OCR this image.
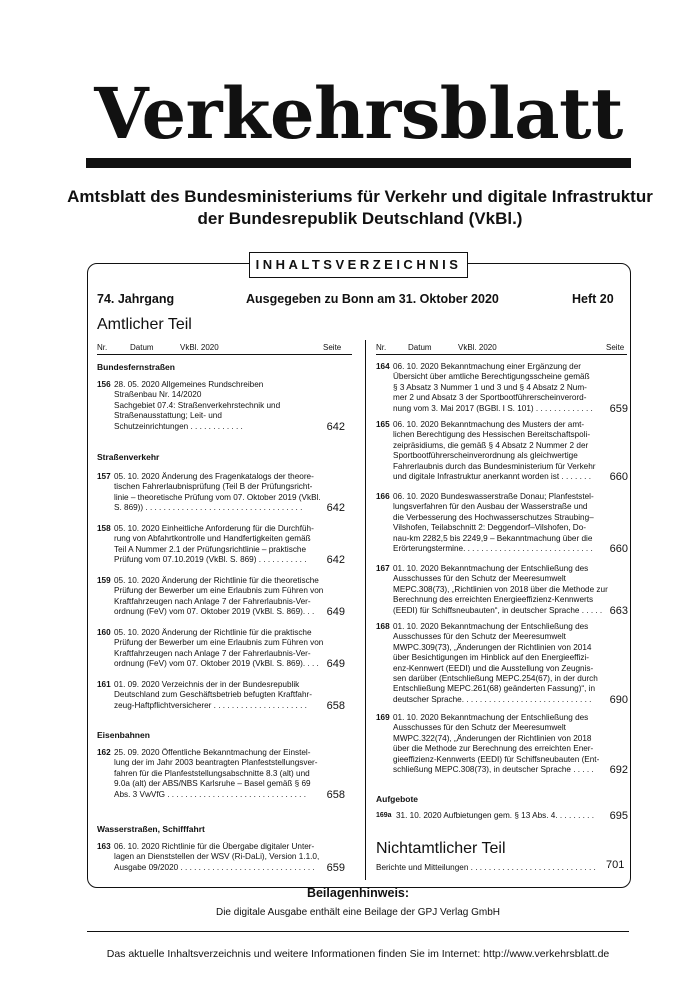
Verkehrsblatt
Amtsblatt des Bundesministeriums für Verkehr und digitale Infrastruktur
der Bundesrepublik Deutschland (VkBl.)
INHALTSVERZEICHNIS
74. Jahrgang	Ausgegeben zu Bonn am 31. Oktober 2020	Heft 20
Amtlicher Teil
Nr.	Datum	VkBl. 2020	Seite	Nr.	Datum	VkBl. 2020	Seite
Bundesfernstraßen
Straßenverkehr
Eisenbahnen
Wasserstraßen, Schifffahrt
Aufgebote
156 28. 05. 2020 Allgemeines Rundschreiben
Straßenbau Nr. 14/2020
Sachgebiet 07.4: Straßenverkehrstechnik und
Straßenausstattung; Leit- und
Schutzeinrichtungen . . . . . . . . . . . .	642
157 05. 10. 2020 Änderung des Fragenkatalogs der theore-
tischen Fahrerlaubnisprüfung (Teil B der Prüfungsricht-
linie – theoretische Prüfung vom 07. Oktober 2019 (VkBl.
S. 869)) . . . . . . . . . . . . . . . . . . . . . . . . . . . . . . . . . . .	642
158 05. 10. 2020 Einheitliche Anforderung für die Durchfüh-
rung von Abfahrtkontrolle und Handfertigkeiten gemäß
Teil A Nummer 2.1 der Prüfungsrichtlinie – praktische
Prüfung vom 07.10.2019 (VkBl. S. 869) . . . . . . . . . . .	642
159 05. 10. 2020 Änderung der Richtlinie für die theoretische
Prüfung der Bewerber um eine Erlaubnis zum Führen von
Kraftfahrzeugen nach Anlage 7 der Fahrerlaubnis-Ver-
ordnung (FeV) vom 07. Oktober 2019 (VkBl. S. 869). . .	649
160 05. 10. 2020 Änderung der Richtlinie für die praktische
Prüfung der Bewerber um eine Erlaubnis zum Führen von
Kraftfahrzeugen nach Anlage 7 der Fahrerlaubnis-Ver-
ordnung (FeV) vom 07. Oktober 2019 (VkBl. S. 869). . . . 649
161 01. 09. 2020 Verzeichnis der in der Bundesrepublik
Deutschland zum Geschäftsbetrieb befugten Kraftfahr-
zeug-Haftpflichtversicherer . . . . . . . . . . . . . . . . . . . . .	658
162 25. 09. 2020 Öffentliche Bekanntmachung der Einstel-
lung der im Jahr 2003 beantragten Planfeststellungsver-
fahren für die Planfeststellungsabschnitte 8.3 (alt) und
9.0a (alt) der ABS/NBS Karlsruhe – Basel gemäß § 69
Abs. 3 VwVfG . . . . . . . . . . . . . . . . . . . . . . . . . . . . . . .	658
163 06. 10. 2020 Richtlinie für die Übergabe digitaler Unter-
lagen an Dienststellen der WSV (Ri-DaLi), Version 1.1.0,
Ausgabe 09/2020 . . . . . . . . . . . . . . . . . . . . . . . . . . . . . .	659
164 06. 10. 2020 Bekanntmachung einer Ergänzung der
Übersicht über amtliche Berechtigungsscheine gemäß
§ 3 Absatz 3 Nummer 1 und 3 und § 4 Absatz 2 Num-
mer 2 und Absatz 3 der Sportbootführerscheinverord-
nung vom 3. Mai 2017 (BGBl. I S. 101) . . . . . . . . . . . . .	659
165 06. 10. 2020 Bekanntmachung des Musters der amt-
lichen Berechtigung des Hessischen Bereitschaftspoli-
zeipräsidiums, die gemäß § 4 Absatz 2 Nummer 2 der
Sportbootführerscheinverordnung als gleichwertige
Fahrerlaubnis durch das Bundesministerium für Verkehr
und digitale Infrastruktur anerkannt worden ist . . . . . . .	660
166 06. 10. 2020 Bundeswasserstraße Donau; Planfeststel-
lungsverfahren für den Ausbau der Wasserstraße und
die Verbesserung des Hochwasserschutzes Straubing–
Vilshofen, Teilabschnitt 2: Deggendorf–Vilshofen, Do-
nau-km 2282,5 bis 2249,9 – Bekanntmachung über die
Erörterungstermine. . . . . . . . . . . . . . . . . . . . . . . . . . . . .	660
167 01. 10. 2020 Bekanntmachung der Entschließung des
Ausschusses für den Schutz der Meeresumwelt
MEPC.308(73), „Richtlinien von 2018 über die Methode zur
Berechnung des erreichten Energieeffizienz-Kennwerts
(EEDI) für Schiffsneubauten“, in deutscher Sprache . . . . . 663
168 01. 10. 2020 Bekanntmachung der Entschließung des
Ausschusses für den Schutz der Meeresumwelt
MWPC.309(73), „Änderungen der Richtlinien von 2014
über Besichtigungen im Hinblick auf den Energieeffizi-
enz-Kennwert (EEDI) und die Ausstellung von Zeugnis-
sen darüber (Entschließung MEPC.254(67), in der durch
Entschließung MEPC.261(68) geänderten Fassung)“, in
deutscher Sprache. . . . . . . . . . . . . . . . . . . . . . . . . . . . .	690
169 01. 10. 2020 Bekanntmachung der Entschließung des
Ausschusses für den Schutz der Meeresumwelt
MWPC.322(74), „Änderungen der Richtlinien von 2018
über die Methode zur Berechnung des erreichten Ener-
gieeffizienz-Kennwerts (EEDI) für Schiffsneubauten (Ent-
schließung MEPC.308(73), in deutscher Sprache . . . . .	692
169a 31. 10. 2020 Aufbietungen gem. § 13 Abs. 4. . . . . . . . .	695
Nichtamtlicher Teil
Berichte und Mitteilungen . . . . . . . . . . . . . . . . . . . . . . . . . . . . 701
Beilagenhinweis:
Die digitale Ausgabe enthält eine Beilage der GPJ Verlag GmbH
Das aktuelle Inhaltsverzeichnis und weitere Informationen finden Sie im Internet: http://www.verkehrsblatt.de
